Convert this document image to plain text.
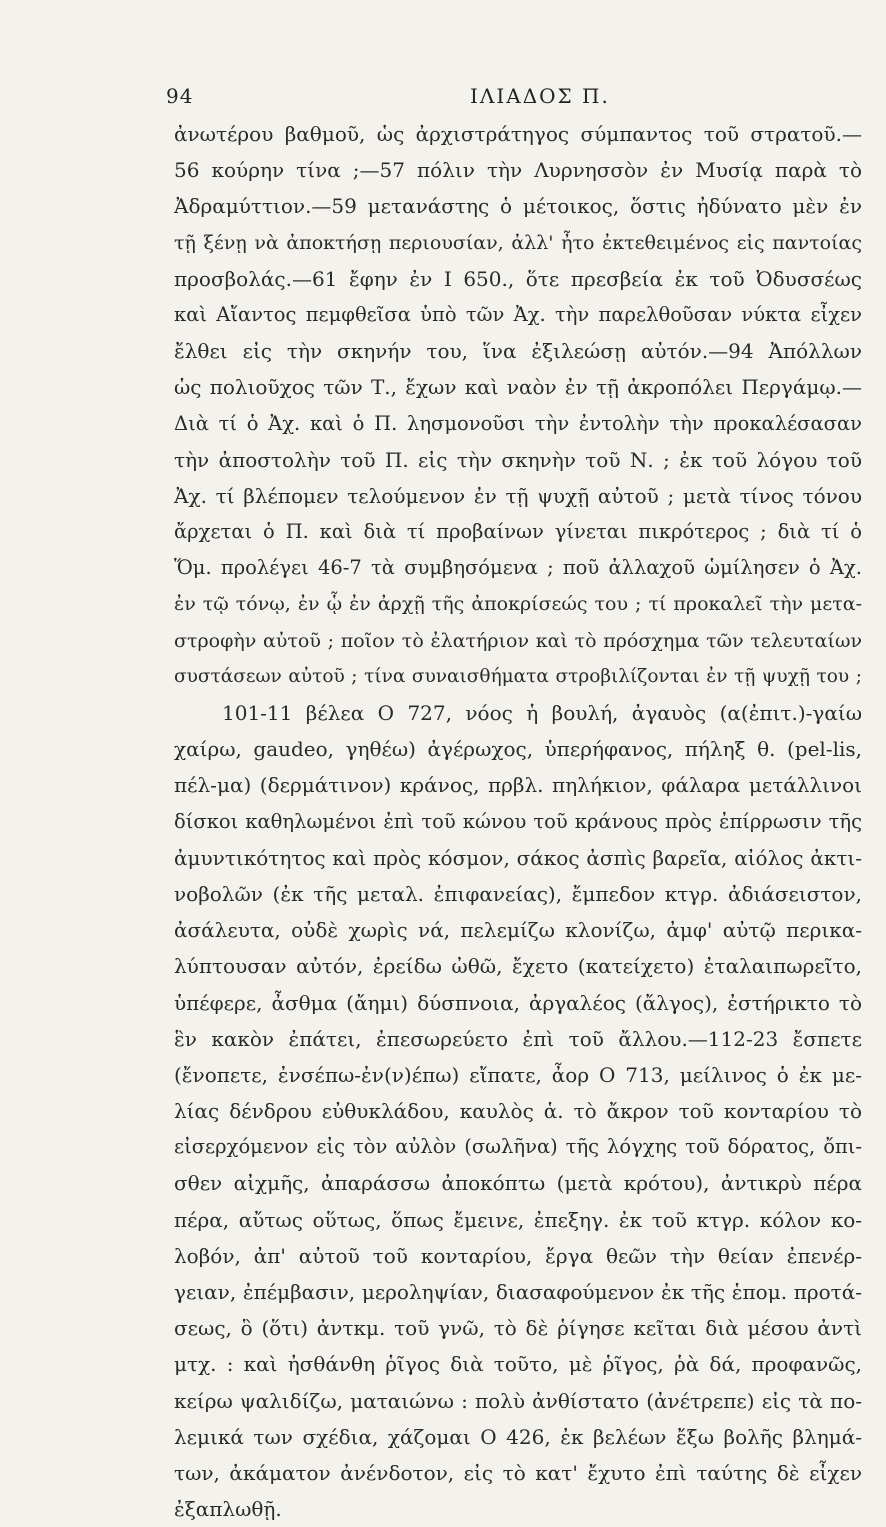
94	ΙΛΙΑΔΟΣ Π.
ἀνωτέρου βαθμοῦ, ὡς ἀρχιστράτηγος σύμπαντος τοῦ στρατοῦ.—
56 κούρην τίνα ;—57 πόλιν τὴν Λυρνησσὸν ἐν Μυσίᾳ παρὰ τὸ
Ἀδραμύττιον.—59 μετανάστης ὁ μέτοικος, ὅστις ἠδύνατο μὲν ἐν
τῇ ξένῃ νὰ ἀποκτήσῃ περιουσίαν, ἀλλ' ἦτο ἐκτεθειμένος εἰς παντοίας
προσβολάς.—61 ἔφην ἐν Ι 650., ὅτε πρεσβεία ἐκ τοῦ Ὀδυσσέως
καὶ Αἴαντος πεμφθεῖσα ὑπὸ τῶν Ἀχ. τὴν παρελθοῦσαν νύκτα εἶχεν
ἔλθει εἰς τὴν σκηνήν του, ἵνα ἐξιλεώσῃ αὐτόν.—94 Ἀπόλλων
ὡς πολιοῦχος τῶν Τ., ἔχων καὶ ναὸν ἐν τῇ ἀκροπόλει Περγάμῳ.—
Διὰ τί ὁ Ἀχ. καὶ ὁ Π. λησμονοῦσι τὴν ἐντολὴν τὴν προκαλέσασαν
τὴν ἀποστολὴν τοῦ Π. εἰς τὴν σκηνὴν τοῦ Ν. ; ἐκ τοῦ λόγου τοῦ
Ἀχ. τί βλέπομεν τελούμενον ἐν τῇ ψυχῇ αὐτοῦ ; μετὰ τίνος τόνου
ἄρχεται ὁ Π. καὶ διὰ τί προβαίνων γίνεται πικρότερος ; διὰ τί ὁ
Ὅμ. προλέγει 46-7 τὰ συμβησόμενα ; ποῦ ἀλλαχοῦ ὡμίλησεν ὁ Ἀχ.
ἐν τῷ τόνῳ, ἐν ᾧ ἐν ἀρχῇ τῆς ἀποκρίσεώς του ; τί προκαλεῖ τὴν μετα-
στροφὴν αὐτοῦ ; ποῖον τὸ ἐλατήριον καὶ τὸ πρόσχημα τῶν τελευταίων
συστάσεων αὐτοῦ ; τίνα συναισθήματα στροβιλίζονται ἐν τῇ ψυχῇ του ;
101-11 βέλεα Ο 727, νόος ἡ βουλή, ἀγαυὸς (α(ἐπιτ.)-γαίω
χαίρω, gaudeo, γηθέω) ἀγέρωχος, ὑπερήφανος, πήληξ θ. (pel-lis,
πέλ-μα) (δερμάτινον) κράνος, πρβλ. πηλήκιον, φάλαρα μετάλλινοι
δίσκοι καθηλωμένοι ἐπὶ τοῦ κώνου τοῦ κράνους πρὸς ἐπίρρωσιν τῆς
ἀμυντικότητος καὶ πρὸς κόσμον, σάκος ἀσπὶς βαρεῖα, αἰόλος ἀκτι-
νοβολῶν (ἐκ τῆς μεταλ. ἐπιφανείας), ἔμπεδον κτγρ. ἀδιάσειστον,
ἀσάλευτα, οὐδὲ χωρὶς νά, πελεμίζω κλονίζω, ἀμφ' αὐτῷ περικα-
λύπτουσαν αὐτόν, ἐρείδω ὠθῶ, ἔχετο (κατείχετο) ἐταλαιπωρεῖτο,
ὑπέφερε, ἆσθμα (ἄημι) δύσπνοια, ἀργαλέος (ἄλγος), ἐστήρικτο τὸ
ἓν κακὸν ἐπάτει, ἐπεσωρεύετο ἐπὶ τοῦ ἄλλου.—112-23 ἔσπετε
(ἔνοπετε, ἐνσέπω-ἐν(ν)έπω) εἴπατε, ἆορ Ο 713, μείλινος ὁ ἐκ με-
λίας δένδρου εὐθυκλάδου, καυλὸς ἁ. τὸ ἄκρον τοῦ κονταρίου τὸ
εἰσερχόμενον εἰς τὸν αὐλὸν (σωλῆνα) τῆς λόγχης τοῦ δόρατος, ὄπι-
σθεν αἰχμῆς, ἀπαράσσω ἀποκόπτω (μετὰ κρότου), ἀντικρὺ πέρα
πέρα, αὔτως οὕτως, ὅπως ἔμεινε, ἐπεξηγ. ἐκ τοῦ κτγρ. κόλον κο-
λοβόν, ἀπ' αὐτοῦ τοῦ κονταρίου, ἔργα θεῶν τὴν θείαν ἐπενέρ-
γειαν, ἐπέμβασιν, μεροληψίαν, διασαφούμενον ἐκ τῆς ἑπομ. προτά-
σεως, ὃ (ὅτι) ἀντκμ. τοῦ γνῶ, τὸ δὲ ῥίγησε κεῖται διὰ μέσου ἀντὶ
μτχ. : καὶ ἠσθάνθη ῥῖγος διὰ τοῦτο, μὲ ῥῖγος, ῥὰ δά, προφανῶς,
κείρω ψαλιδίζω, ματαιώνω : πολὺ ἀνθίστατο (ἀνέτρεπε) εἰς τὰ πο-
λεμικά των σχέδια, χάζομαι Ο 426, ἐκ βελέων ἔξω βολῆς βλημά-
των, ἀκάματον ἀνένδοτον, εἰς τὸ κατ' ἔχυτο ἐπὶ ταύτης δὲ εἶχεν
ἐξαπλωθῇ.
